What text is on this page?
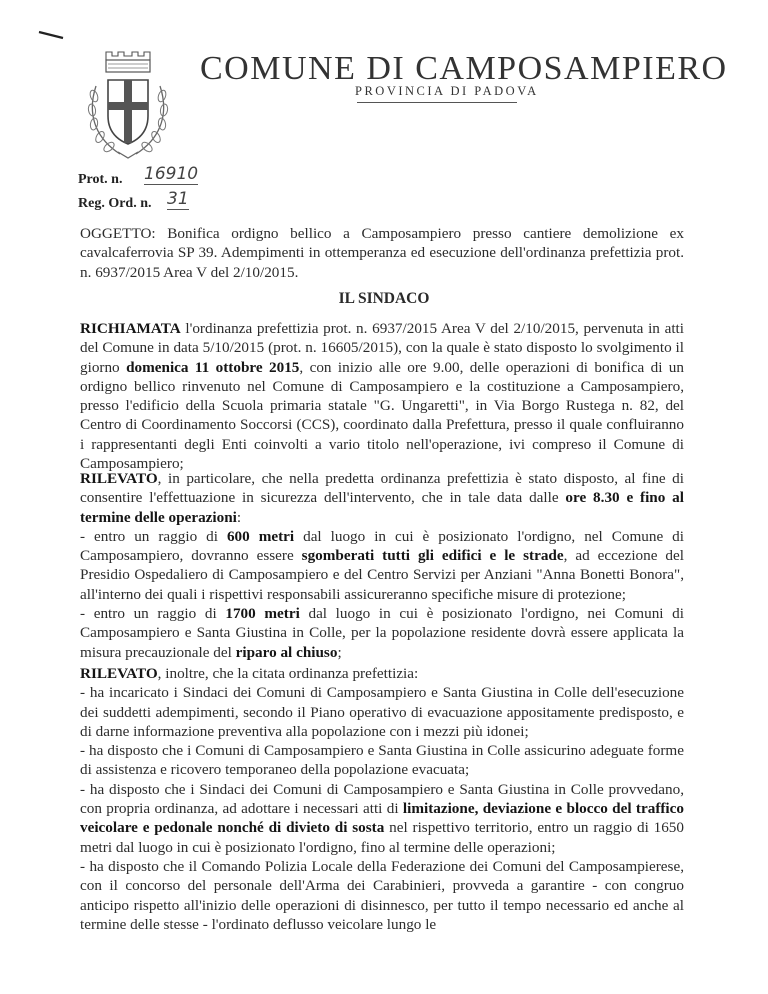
COMUNE DI CAMPOSAMPIERO
PROVINCIA DI PADOVA
Prot. n. 16910
Reg. Ord. n. 31

OGGETTO: Bonifica ordigno bellico a Camposampiero presso cantiere demolizione ex cavalcaferrovia SP 39. Adempimenti in ottemperanza ed esecuzione dell'ordinanza prefettizia prot. n. 6937/2015 Area V del 2/10/2015.

IL SINDACO

RICHIAMATA l'ordinanza prefettizia prot. n. 6937/2015 Area V del 2/10/2015, pervenuta in atti del Comune in data 5/10/2015 (prot. n. 16605/2015), con la quale è stato disposto lo svolgimento il giorno domenica 11 ottobre 2015, con inizio alle ore 9.00, delle operazioni di bonifica di un ordigno bellico rinvenuto nel Comune di Camposampiero e la costituzione a Camposampiero, presso l'edificio della Scuola primaria statale "G. Ungaretti", in Via Borgo Rustega n. 82, del Centro di Coordinamento Soccorsi (CCS), coordinato dalla Prefettura, presso il quale confluiranno i rappresentanti degli Enti coinvolti a vario titolo nell'operazione, ivi compreso il Comune di Camposampiero;

RILEVATO, in particolare, che nella predetta ordinanza prefettizia è stato disposto, al fine di consentire l'effettuazione in sicurezza dell'intervento, che in tale data dalle ore 8.30 e fino al termine delle operazioni:
- entro un raggio di 600 metri dal luogo in cui è posizionato l'ordigno, nel Comune di Camposampiero, dovranno essere sgomberati tutti gli edifici e le strade, ad eccezione del Presidio Ospedaliero di Camposampiero e del Centro Servizi per Anziani "Anna Bonetti Bonora", all'interno dei quali i rispettivi responsabili assicureranno specifiche misure di protezione;
- entro un raggio di 1700 metri dal luogo in cui è posizionato l'ordigno, nei Comuni di Camposampiero e Santa Giustina in Colle, per la popolazione residente dovrà essere applicata la misura precauzionale del riparo al chiuso;

RILEVATO, inoltre, che la citata ordinanza prefettizia:
- ha incaricato i Sindaci dei Comuni di Camposampiero e Santa Giustina in Colle dell'esecuzione dei suddetti adempimenti, secondo il Piano operativo di evacuazione appositamente predisposto, e di darne informazione preventiva alla popolazione con i mezzi più idonei;
- ha disposto che i Comuni di Camposampiero e Santa Giustina in Colle assicurino adeguate forme di assistenza e ricovero temporaneo della popolazione evacuata;
- ha disposto che i Sindaci dei Comuni di Camposampiero e Santa Giustina in Colle provvedano, con propria ordinanza, ad adottare i necessari atti di limitazione, deviazione e blocco del traffico veicolare e pedonale nonché di divieto di sosta nel rispettivo territorio, entro un raggio di 1650 metri dal luogo in cui è posizionato l'ordigno, fino al termine delle operazioni;
- ha disposto che il Comando Polizia Locale della Federazione dei Comuni del Camposampierese, con il concorso del personale dell'Arma dei Carabinieri, provveda a garantire - con congruo anticipo rispetto all'inizio delle operazioni di disinnesco, per tutto il tempo necessario ed anche al termine delle stesse - l'ordinato deflusso veicolare lungo le
